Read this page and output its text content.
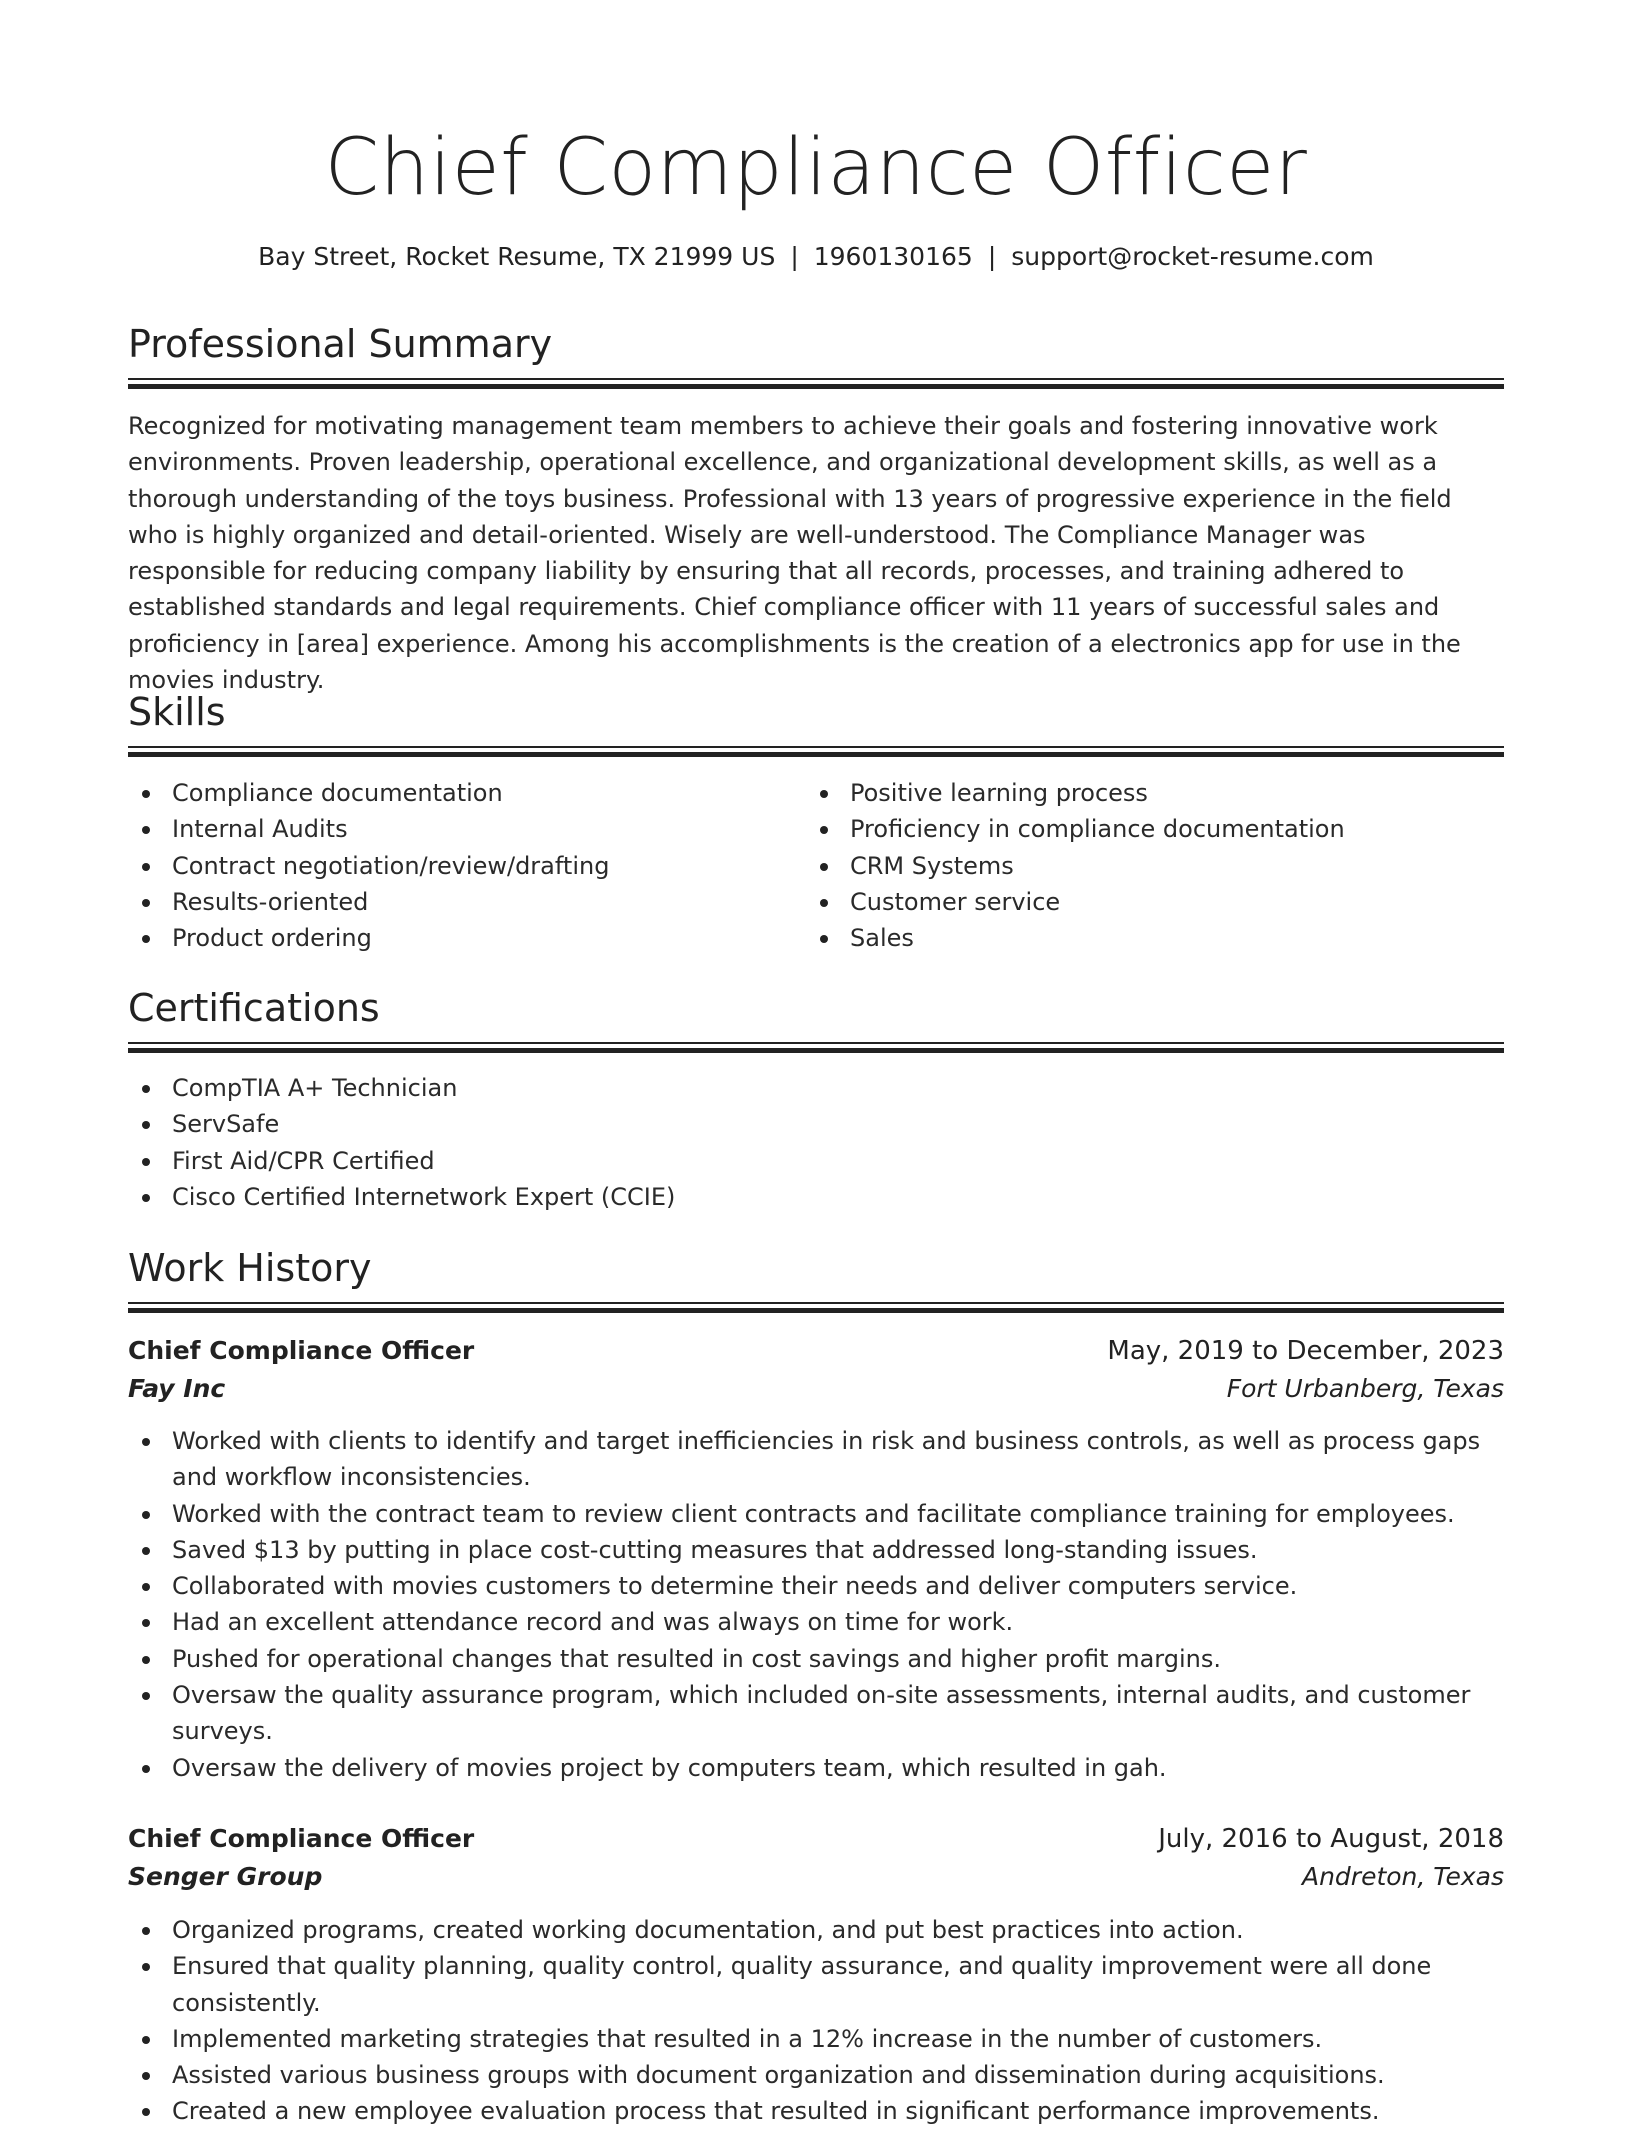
Chief Compliance Officer
Bay Street, Rocket Resume, TX 21999 US | 1960130165 | support@rocket-resume.com
Professional Summary

Recognized for motivating management team members to achieve their goals and fostering innovative work environments. Proven leadership, operational excellence, and organizational development skills, as well as a thorough understanding of the toys business. Professional with 13 years of progressive experience in the field who is highly organized and detail-oriented. Wisely are well-understood. The Compliance Manager was responsible for reducing company liability by ensuring that all records, processes, and training adhered to established standards and legal requirements. Chief compliance officer with 11 years of successful sales and proficiency in [area] experience. Among his accomplishments is the creation of a electronics app for use in the movies industry.

Skills
Compliance documentation
Internal Audits
Contract negotiation/review/drafting
Results-oriented
Product ordering
Positive learning process
Proficiency in compliance documentation
CRM Systems
Customer service
Sales
Certifications
CompTIA A+ Technician
ServSafe
First Aid/CPR Certified
Cisco Certified Internetwork Expert (CCIE)
Work History
Chief Compliance Officer	May, 2019 to December, 2023
Fay Inc	Fort Urbanberg, Texas
Worked with clients to identify and target inefficiencies in risk and business controls, as well as process gaps and workflow inconsistencies.
Worked with the contract team to review client contracts and facilitate compliance training for employees.
Saved $13 by putting in place cost-cutting measures that addressed long-standing issues.
Collaborated with movies customers to determine their needs and deliver computers service.
Had an excellent attendance record and was always on time for work.
Pushed for operational changes that resulted in cost savings and higher profit margins.
Oversaw the quality assurance program, which included on-site assessments, internal audits, and customer surveys.
Oversaw the delivery of movies project by computers team, which resulted in gah.
Chief Compliance Officer	July, 2016 to August, 2018
Senger Group	Andreton, Texas
Organized programs, created working documentation, and put best practices into action.
Ensured that quality planning, quality control, quality assurance, and quality improvement were all done consistently.
Implemented marketing strategies that resulted in a 12% increase in the number of customers.
Assisted various business groups with document organization and dissemination during acquisitions.
Created a new employee evaluation process that resulted in significant performance improvements.
